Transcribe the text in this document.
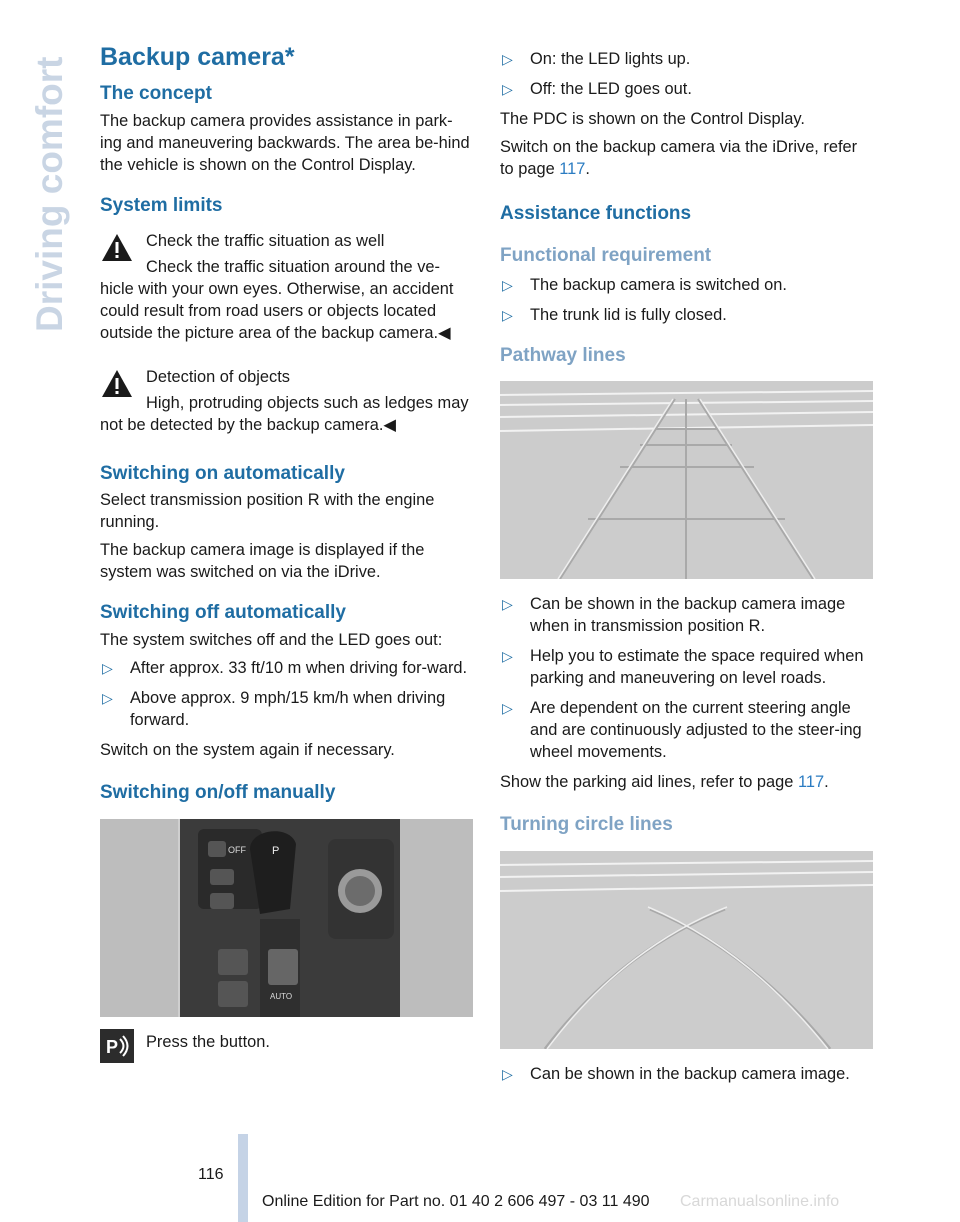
Driving comfort Backup camera*
The concept

The backup camera provides assistance in park-ing and maneuvering backwards. The area be-hind the vehicle is shown on the Control Display.

System limits
Check the traffic situation as well

Check the traffic situation around the ve-hicle with your own eyes. Otherwise, an accident could result from road users or objects located outside the picture area of the backup camera.◀

Detection of objects

High, protruding objects such as ledges may not be detected by the backup camera.◀

Switching on automatically

Select transmission position R with the engine running.

The backup camera image is displayed if the system was switched on via the iDrive.

Switching off automatically

The system switches off and the LED goes out:

▷ After approx. 33 ft/10 m when driving for-ward.
▷ Above approx. 9 mph/15 km/h when driving forward.

Switch on the system again if necessary.

Switching on/off manually
OFF P
AUTO
P Press the button.
▷ On: the LED lights up.
▷ Off: the LED goes out.

The PDC is shown on the Control Display.

Switch on the backup camera via the iDrive, refer to page 117.

Assistance functions
Functional requirement
▷ The backup camera is switched on.
▷ The trunk lid is fully closed.
Pathway lines
▷ Can be shown in the backup camera image when in transmission position R.
▷ Help you to estimate the space required when parking and maneuvering on level roads.
▷ Are dependent on the current steering angle and are continuously adjusted to the steer-ing wheel movements.

Show the parking aid lines, refer to page 117.

Turning circle lines
▷ Can be shown in the backup camera image.
116
Online Edition for Part no. 01 40 2 606 497 - 03 11 490 Carmanualsonline.info
